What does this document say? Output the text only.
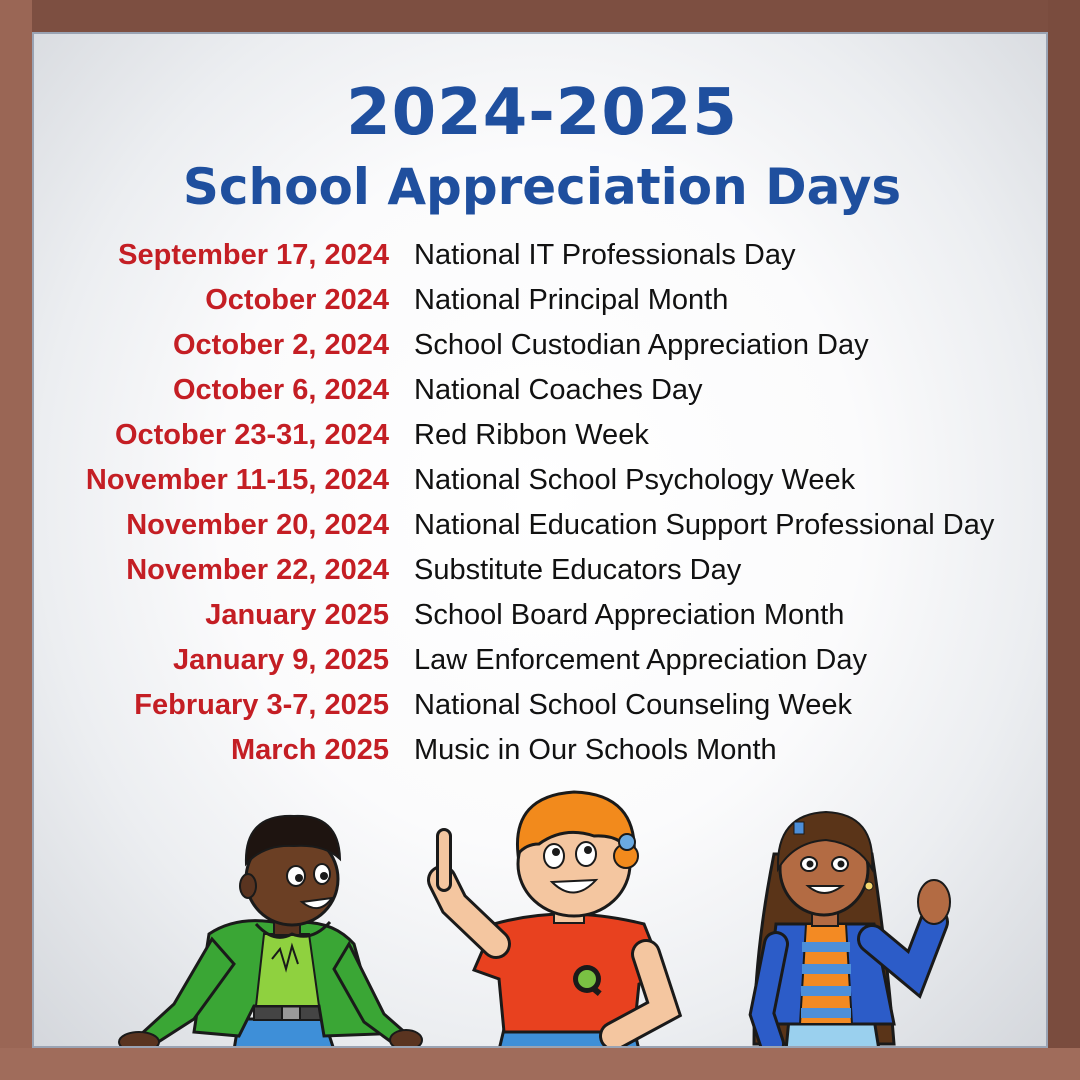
2024-2025
School Appreciation Days
September 17, 2024 National IT Professionals Day
October 2024 National Principal Month
October 2, 2024 School Custodian Appreciation Day
October 6, 2024 National Coaches Day
October 23-31, 2024 Red Ribbon Week
November 11-15, 2024 National School Psychology Week
November 20, 2024 National Education Support Professional Day
November 22, 2024 Substitute Educators Day
January 2025 School Board Appreciation Month
January 9, 2025 Law Enforcement Appreciation Day
February 3-7, 2025 National School Counseling Week
March 2025 Music in Our Schools Month
